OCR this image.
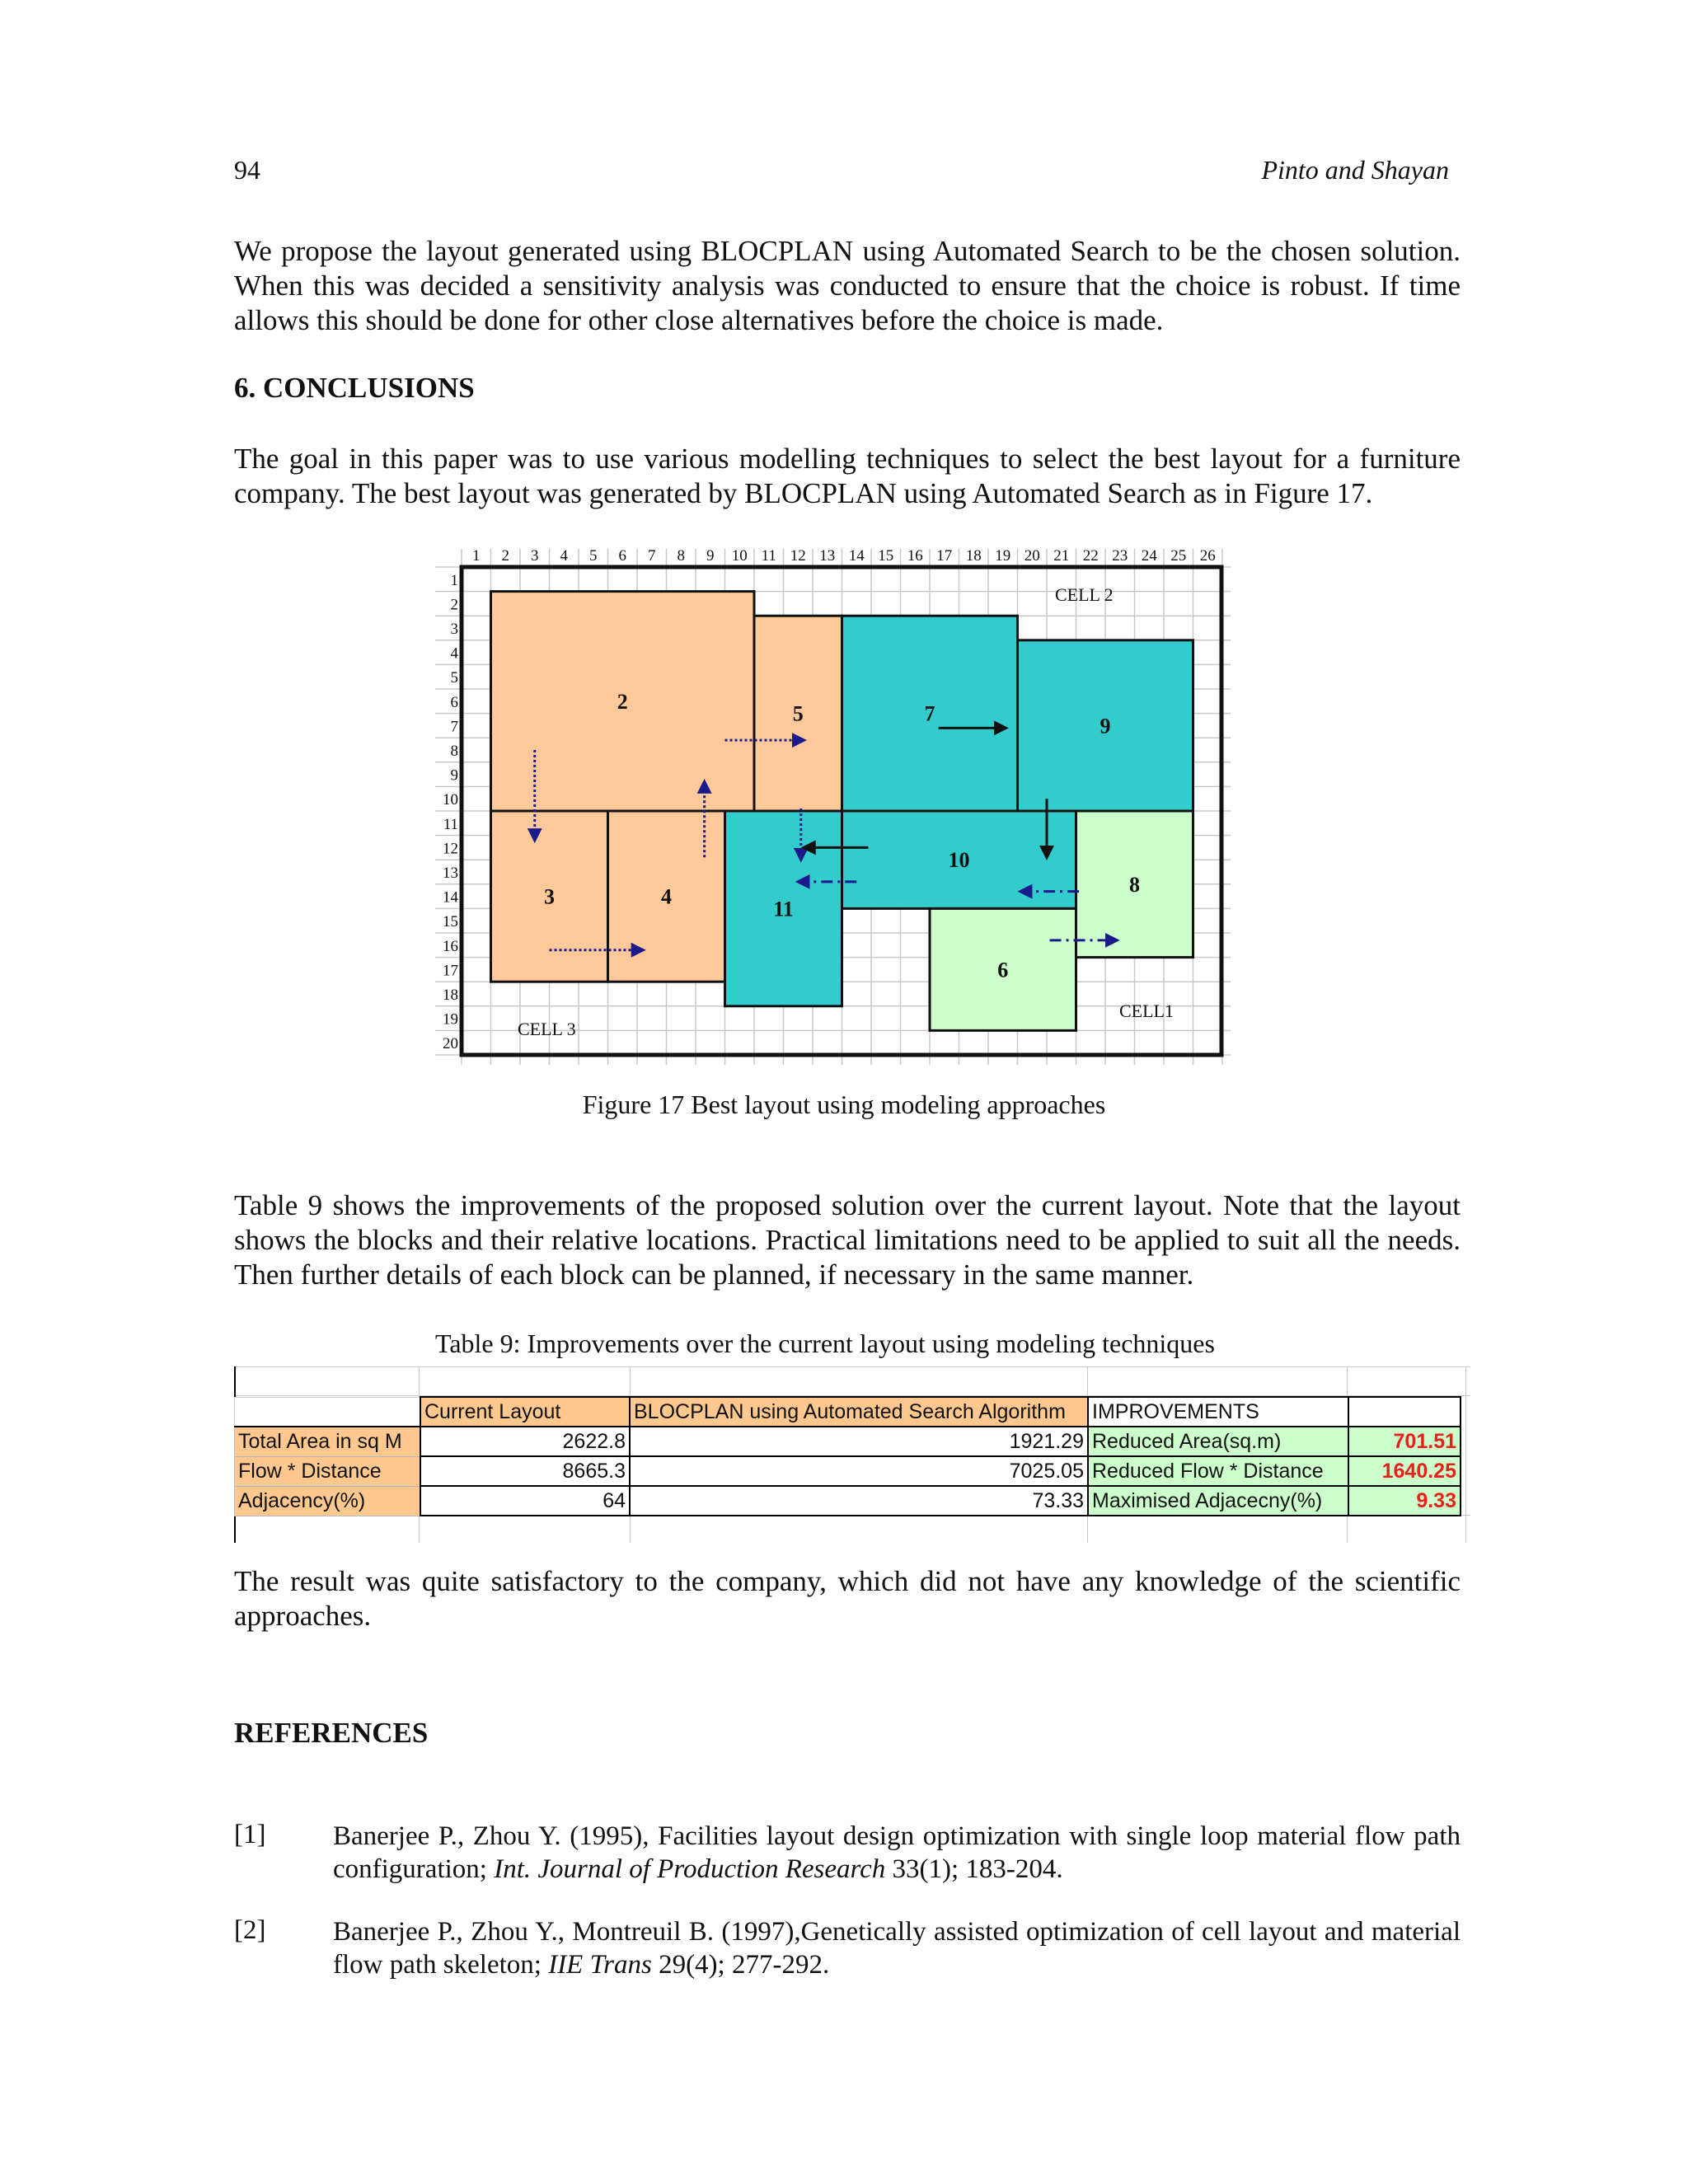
94	Pinto and Shayan

We propose the layout generated using BLOCPLAN using Automated Search to be the chosen solution. When this was decided a sensitivity analysis was conducted to ensure that the choice is robust. If time allows this should be done for other close alternatives before the choice is made.

6. CONCLUSIONS

The goal in this paper was to use various modelling techniques to select the best layout for a furniture company. The best layout was generated by BLOCPLAN using Automated Search as in Figure 17.

1 2 3 4 5 6 7 8 9 10 11 12 13 14 15 16 17 18 19 20 21 22 23 24 25 26
1
2
3
4
5
6
7
8
9
10
11
12
13
14
15
16
17
18
19
20
2
5	7
9
3	4
11
10
8
6
CELL 2
CELL 3
CELL1
Figure 17 Best layout using modeling approaches

Table 9 shows the improvements of the proposed solution over the current layout. Note that the layout shows the blocks and their relative locations. Practical limitations need to be applied to suit all the needs. Then further details of each block can be planned, if necessary in the same manner.

Table 9: Improvements over the current layout using modeling techniques
	Current Layout	BLOCPLAN using Automated Search Algorithm	IMPROVEMENTS	
Total Area in sq M	2622.8	1921.29	Reduced Area(sq.m)	701.51
Flow * Distance	8665.3	7025.05	Reduced Flow * Distance	1640.25
Adjacency(%)	64	73.33	Maximised Adjacecny(%)	9.33

The result was quite satisfactory to the company, which did not have any knowledge of the scientific approaches.

REFERENCES
[1] Banerjee P., Zhou Y. (1995), Facilities layout design optimization with single loop material flow path configuration; Int. Journal of Production Research 33(1); 183-204.

[2] Banerjee P., Zhou Y., Montreuil B. (1997),Genetically assisted optimization of cell layout and material flow path skeleton; IIE Trans 29(4); 277-292.
